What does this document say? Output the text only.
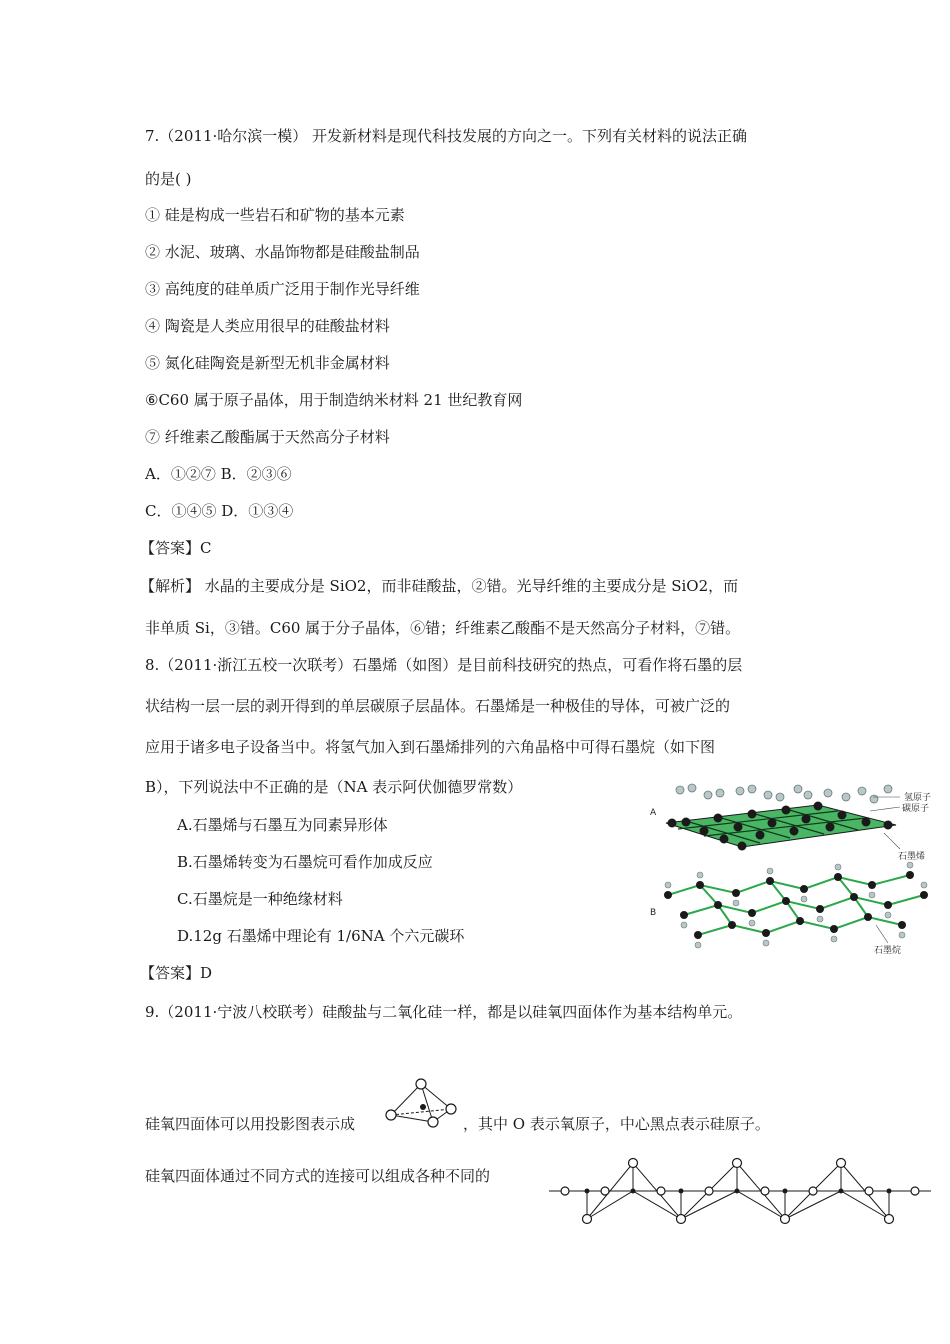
7.（2011·哈尔滨一模） 开发新材料是现代科技发展的方向之一。下列有关材料的说法正确
的是( )
① 硅是构成一些岩石和矿物的基本元素
② 水泥、玻璃、水晶饰物都是硅酸盐制品
③ 高纯度的硅单质广泛用于制作光导纤维
④ 陶瓷是人类应用很早的硅酸盐材料
⑤ 氮化硅陶瓷是新型无机非金属材料
⑥C60 属于原子晶体，用于制造纳米材料 21 世纪教育网
⑦ 纤维素乙酸酯属于天然高分子材料
A．①②⑦ B．②③⑥
C．①④⑤ D．①③④
【答案】C
【解析】 水晶的主要成分是 SiO2，而非硅酸盐，②错。光导纤维的主要成分是 SiO2，而
非单质 Si，③错。C60 属于分子晶体，⑥错；纤维素乙酸酯不是天然高分子材料，⑦错。
8.（2011·浙江五校一次联考）石墨烯（如图）是目前科技研究的热点，可看作将石墨的层
状结构一层一层的剥开得到的单层碳原子层晶体。石墨烯是一种极佳的导体，可被广泛的
应用于诸多电子设备当中。将氢气加入到石墨烯排列的六角晶格中可得石墨烷（如下图
B），下列说法中不正确的是（NA 表示阿伏伽德罗常数）
A.石墨烯与石墨互为同素异形体
B.石墨烯转变为石墨烷可看作加成反应
C.石墨烷是一种绝缘材料
D.12g 石墨烯中理论有 1/6NA 个六元碳环
【答案】D
A
氢原子
碳原子
石墨烯
B
石墨烷
9.（2011·宁波八校联考）硅酸盐与二氧化硅一样，都是以硅氧四面体作为基本结构单元。
硅氧四面体可以用投影图表示成	，其中 O 表示氧原子，中心黑点表示硅原子。
硅氧四面体通过不同方式的连接可以组成各种不同的
